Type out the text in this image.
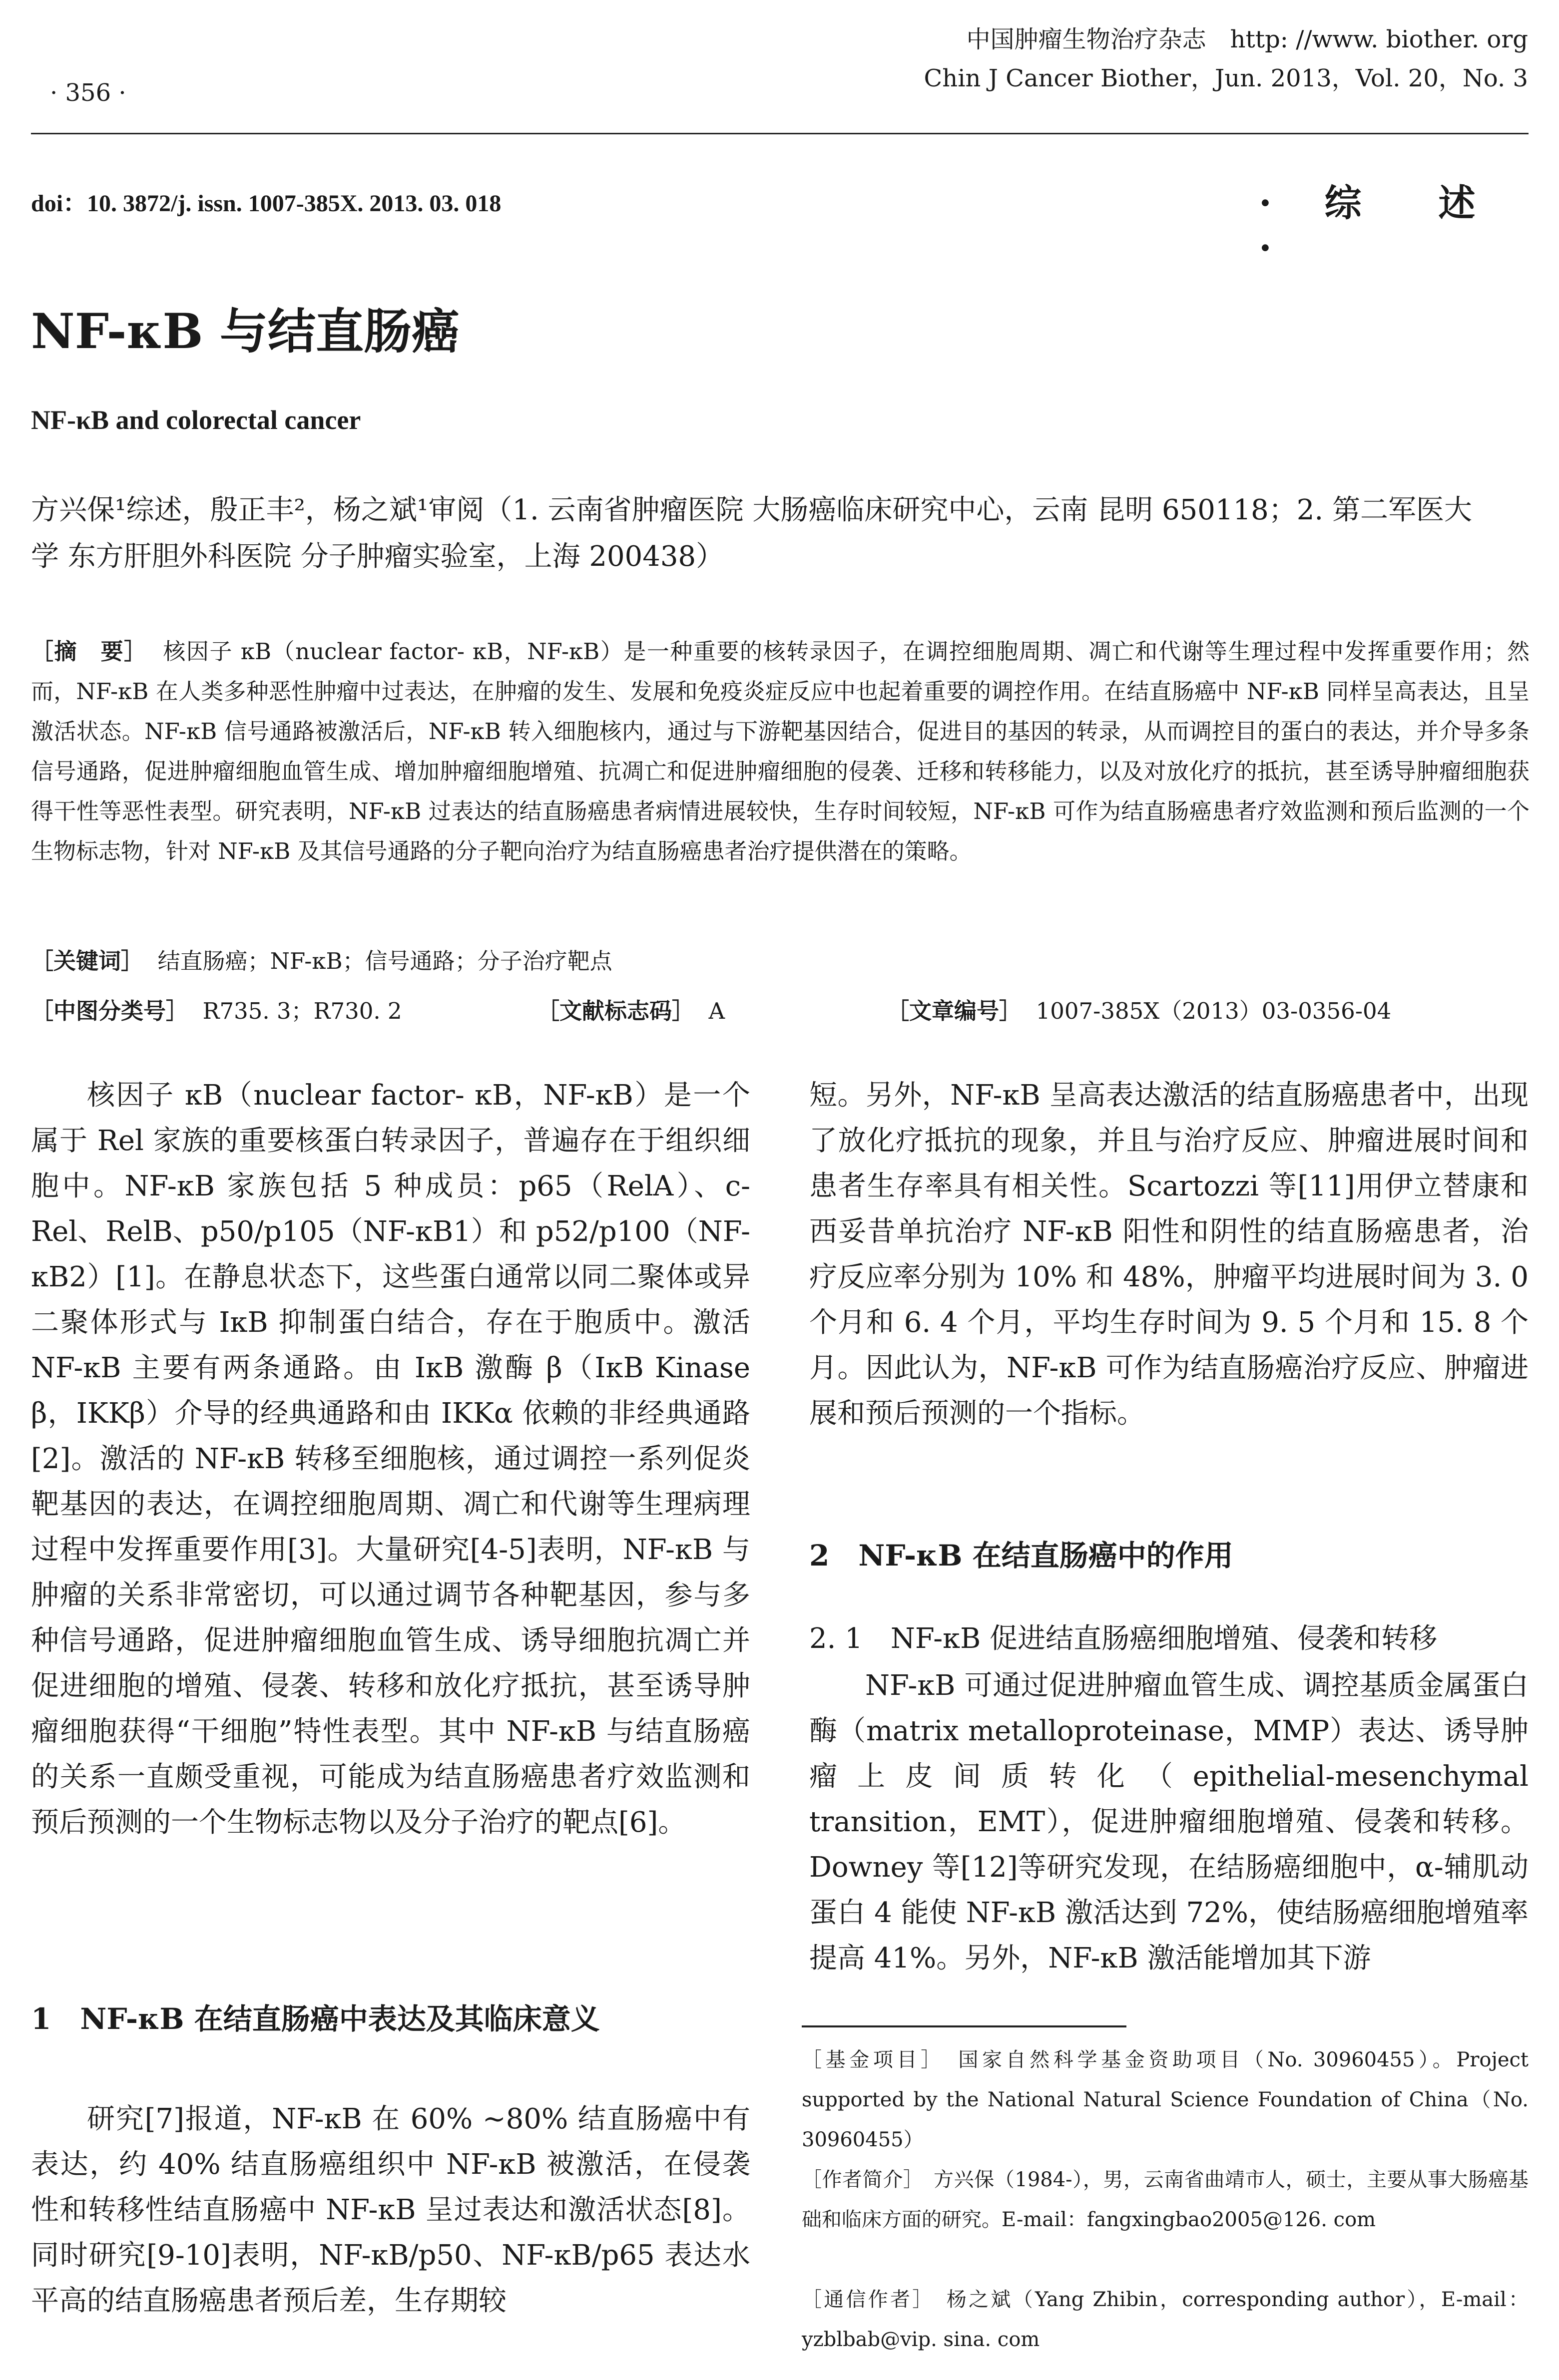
· 356 ·
中国肿瘤生物治疗杂志　http: //www. biother. org
Chin J Cancer Biother，Jun. 2013，Vol. 20，No. 3
doi：10. 3872/j. issn. 1007-385X. 2013. 03. 018	· 综　述 ·
NF-κB 与结直肠癌
NF-κB and colorectal cancer
方兴保¹综述，殷正丰²，杨之斌¹审阅（1. 云南省肿瘤医院 大肠癌临床研究中心，云南 昆明 650118；2. 第二军医大
学 东方肝胆外科医院 分子肿瘤实验室，上海 200438）
［摘　要］ 核因子 κB（nuclear factor- κB，NF-κB）是一种重要的核转录因子，在调控细胞周期、凋亡和代谢等生理过程中发挥重要作用；然而，NF-κB 在人类多种恶性肿瘤中过表达，在肿瘤的发生、发展和免疫炎症反应中也起着重要的调控作用。在结直肠癌中 NF-κB 同样呈高表达，且呈激活状态。NF-κB 信号通路被激活后，NF-κB 转入细胞核内，通过与下游靶基因结合，促进目的基因的转录，从而调控目的蛋白的表达，并介导多条信号通路，促进肿瘤细胞血管生成、增加肿瘤细胞增殖、抗凋亡和促进肿瘤细胞的侵袭、迁移和转移能力，以及对放化疗的抵抗，甚至诱导肿瘤细胞获得干性等恶性表型。研究表明，NF-κB 过表达的结直肠癌患者病情进展较快，生存时间较短，NF-κB 可作为结直肠癌患者疗效监测和预后监测的一个生物标志物，针对 NF-κB 及其信号通路的分子靶向治疗为结直肠癌患者治疗提供潜在的策略。
［关键词］ 结直肠癌；NF-κB；信号通路；分子治疗靶点
［中图分类号］ R735. 3；R730. 2	［文献标志码］ A	［文章编号］ 1007-385X（2013）03-0356-04

核因子 κB（nuclear factor- κB，NF-κB）是一个属于 Rel 家族的重要核蛋白转录因子，普遍存在于组织细胞中。NF-κB 家族包括 5 种成员：p65（RelA）、c-Rel、RelB、p50/p105（NF-κB1）和 p52/p100（NF-κB2）[1]。在静息状态下，这些蛋白通常以同二聚体或异二聚体形式与 IκB 抑制蛋白结合，存在于胞质中。激活 NF-κB 主要有两条通路。由 IκB 激酶 β（IκB Kinase β，IKKβ）介导的经典通路和由 IKKα 依赖的非经典通路[2]。激活的 NF-κB 转移至细胞核，通过调控一系列促炎靶基因的表达，在调控细胞周期、凋亡和代谢等生理病理过程中发挥重要作用[3]。大量研究[4-5]表明，NF-κB 与肿瘤的关系非常密切，可以通过调节各种靶基因，参与多种信号通路，促进肿瘤细胞血管生成、诱导细胞抗凋亡并促进细胞的增殖、侵袭、转移和放化疗抵抗，甚至诱导肿瘤细胞获得“干细胞”特性表型。其中 NF-κB 与结直肠癌的关系一直颇受重视，可能成为结直肠癌患者疗效监测和预后预测的一个生物标志物以及分子治疗的靶点[6]。

1　NF-κB 在结直肠癌中表达及其临床意义

研究[7]报道，NF-κB 在 60% ~80% 结直肠癌中有表达，约 40% 结直肠癌组织中 NF-κB 被激活，在侵袭性和转移性结直肠癌中 NF-κB 呈过表达和激活状态[8]。同时研究[9-10]表明，NF-κB/p50、NF-κB/p65 表达水平高的结直肠癌患者预后差，生存期较

短。另外，NF-κB 呈高表达激活的结直肠癌患者中，出现了放化疗抵抗的现象，并且与治疗反应、肿瘤进展时间和患者生存率具有相关性。Scartozzi 等[11]用伊立替康和西妥昔单抗治疗 NF-κB 阳性和阴性的结直肠癌患者，治疗反应率分别为 10% 和 48%，肿瘤平均进展时间为 3. 0 个月和 6. 4 个月，平均生存时间为 9. 5 个月和 15. 8 个月。因此认为，NF-κB 可作为结直肠癌治疗反应、肿瘤进展和预后预测的一个指标。

2　NF-κB 在结直肠癌中的作用
2. 1　NF-κB 促进结直肠癌细胞增殖、侵袭和转移

NF-κB 可通过促进肿瘤血管生成、调控基质金属蛋白酶（matrix metalloproteinase，MMP）表达、诱导肿瘤上皮间质转化（epithelial-mesenchymal transition，EMT），促进肿瘤细胞增殖、侵袭和转移。Downey 等[12]等研究发现，在结肠癌细胞中，α-辅肌动蛋白 4 能使 NF-κB 激活达到 72%，使结肠癌细胞增殖率提高 41%。另外，NF-κB 激活能增加其下游

［基金项目］　国家自然科学基金资助项目（No. 30960455）。Project supported by the National Natural Science Foundation of China（No. 30960455）
［作者简介］　方兴保（1984-），男，云南省曲靖市人，硕士，主要从事大肠癌基础和临床方面的研究。E-mail：fangxingbao2005@126. com
［通信作者］　杨之斌（Yang Zhibin，corresponding author），E-mail：yzblbab@vip. sina. com
